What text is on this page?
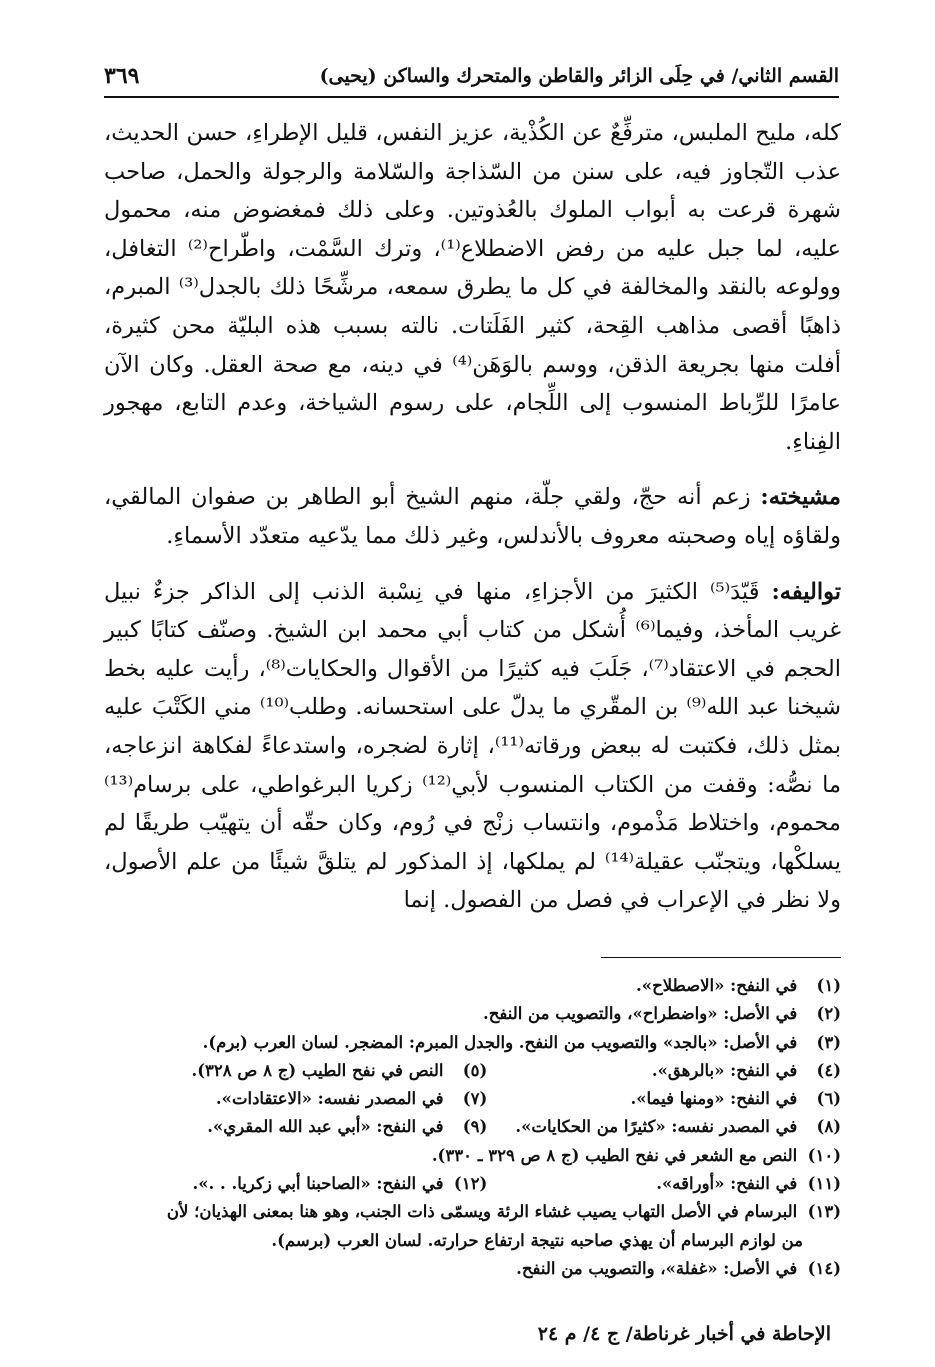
القسم الثاني/ في حِلَى الزائر والقاطن والمتحرك والساكن (يحيى)
٣٦٩

كله، مليح الملبس، مترفِّعٌ عن الكُذْية، عزيز النفس، قليل الإطراءِ، حسن الحديث، عذب التّجاوز فيه، على سنن من السّذاجة والسّلامة والرجولة والحمل، صاحب شهرة قرعت به أبواب الملوك بالعُذوتين. وعلى ذلك فمغضوض منه، محمول عليه، لما جبل عليه من رفض الاضطلاع⁽¹⁾، وترك السَّمْت، واطّراح⁽²⁾ التغافل، وولوعه بالنقد والمخالفة في كل ما يطرق سمعه، مرشِّحًا ذلك بالجدل⁽³⁾ المبرم، ذاهبًا أقصى مذاهب القِحة، كثير الفَلَتات. نالته بسبب هذه البليّة محن كثيرة، أفلت منها بجريعة الذقن، ووسم بالوَهَن⁽⁴⁾ في دينه، مع صحة العقل. وكان الآن عامرًا للرِّباط المنسوب إلى اللِّجام، على رسوم الشياخة، وعدم التابع، مهجور الفِناءِ.

مشيخته: زعم أنه حجّ، ولقي جلّة، منهم الشيخ أبو الطاهر بن صفوان المالقي، ولقاؤه إياه وصحبته معروف بالأندلس، وغير ذلك مما يدّعيه متعدّد الأسماءِ.

تواليفه: قَيّدَ⁽⁵⁾ الكثيرَ من الأجزاءِ، منها في نِسْبة الذنب إلى الذاكر جزءٌ نبيل غريب المأخذ، وفيما⁽⁶⁾ أُشكل من كتاب أبي محمد ابن الشيخ. وصنّف كتابًا كبير الحجم في الاعتقاد⁽⁷⁾، جَلَبَ فيه كثيرًا من الأقوال والحكايات⁽⁸⁾، رأيت عليه بخط شيخنا عبد الله⁽⁹⁾ بن المقّري ما يدلّ على استحسانه. وطلب⁽¹⁰⁾ مني الكَتْبَ عليه بمثل ذلك، فكتبت له ببعض ورقاته⁽¹¹⁾، إثارة لضجره، واستدعاءً لفكاهة انزعاجه، ما نصُّه: وقفت من الكتاب المنسوب لأبي⁽¹²⁾ زكريا البرغواطي، على برسام⁽¹³⁾ محموم، واختلاط مَذْموم، وانتساب زنْج في رُوم، وكان حقّه أن يتهيّب طريقًا لم يسلكْها، ويتجنّب عقيلة⁽¹⁴⁾ لم يملكها، إذ المذكور لم يتلقَّ شيئًا من علم الأصول، ولا نظر في الإعراب في فصل من الفصول. إنما

(١) في النفح: «الاصطلاح».
(٢) في الأصل: «واضطراح»، والتصويب من النفح.
(٣) في الأصل: «بالجد» والتصويب من النفح. والجدل المبرم: المضجر. لسان العرب (برم).
(٤) في النفح: «بالرهق».
(٥) النص في نفح الطيب (ج ٨ ص ٣٢٨).
(٦) في النفح: «ومنها فيما».
(٧) في المصدر نفسه: «الاعتقادات».
(٨) في المصدر نفسه: «كثيرًا من الحكايات».
(٩) في النفح: «أبي عبد الله المقري».
(١٠) النص مع الشعر في نفح الطيب (ج ٨ ص ٣٢٩ ـ ٣٣٠).
(١١) في النفح: «أوراقه».
(١٢) في النفح: «الصاحبنا أبي زكريا. . .».
(١٣) البرسام في الأصل التهاب يصيب غشاء الرئة ويسمّى ذات الجنب، وهو هنا بمعنى الهذيان؛ لأن
من لوازم البرسام أن يهذي صاحبه نتيجة ارتفاع حرارته. لسان العرب (برسم).
(١٤) في الأصل: «غفلة»، والتصويب من النفح.
الإحاطة في أخبار غرناطة/ ج ٤/ م ٢٤
